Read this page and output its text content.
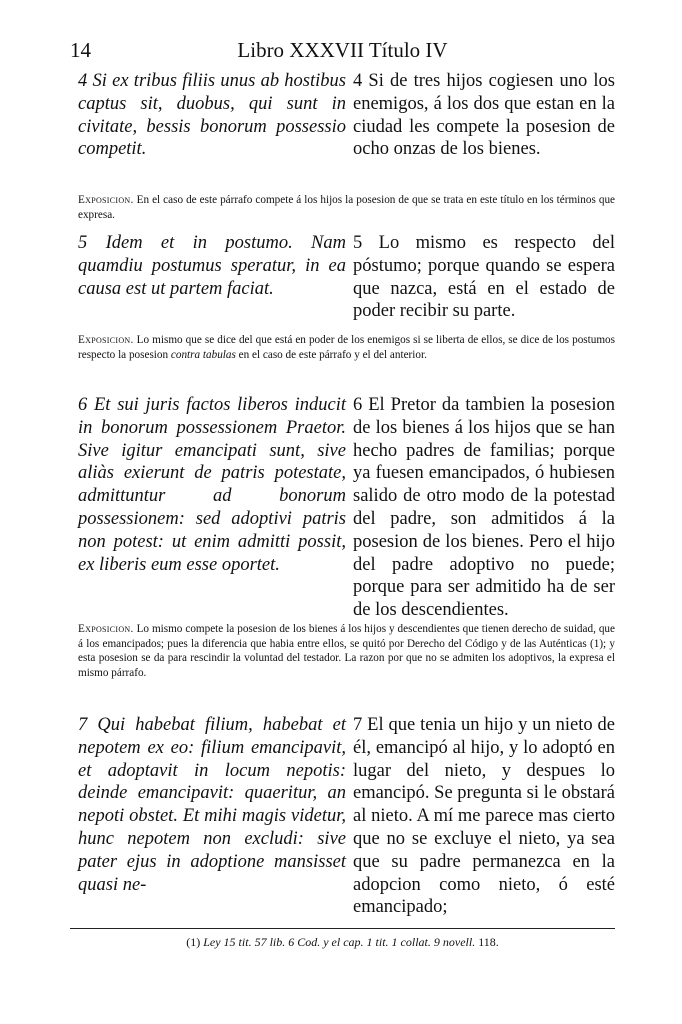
14	Libro XXXVII Título IV
4 Si ex tribus filiis unus ab hostibus captus sit, duobus, qui sunt in civitate, bessis bonorum possessio competit.
4 Si de tres hijos cogiesen uno los enemigos, á los dos que estan en la ciudad les compete la posesion de ocho onzas de los bienes.
Exposicion. En el caso de este párrafo compete á los hijos la posesion de que se trata en este título en los términos que expresa.
5 Idem et in postumo. Nam quamdiu postumus speratur, in ea causa est ut partem faciat.
5 Lo mismo es respecto del póstumo; porque quando se espera que nazca, está en el estado de poder recibir su parte.
Exposicion. Lo mismo que se dice del que está en poder de los enemigos si se liberta de ellos, se dice de los postumos respecto la posesion contra tabulas en el caso de este párrafo y el del anterior.
6 Et sui juris factos liberos inducit in bonorum possessionem Praetor. Sive igitur emancipati sunt, sive aliàs exierunt de patris potestate, admittuntur ad bonorum possessionem: sed adoptivi patris non potest: ut enim admitti possit, ex liberis eum esse oportet.
6 El Pretor da tambien la posesion de los bienes á los hijos que se han hecho padres de familias; porque ya fuesen emancipados, ó hubiesen salido de otro modo de la potestad del padre, son admitidos á la posesion de los bienes. Pero el hijo del padre adoptivo no puede; porque para ser admitido ha de ser de los descendientes.
Exposicion. Lo mismo compete la posesion de los bienes á los hijos y descendientes que tienen derecho de suidad, que á los emancipados; pues la diferencia que habia entre ellos, se quitó por Derecho del Código y de las Auténticas (1); y esta posesion se da para rescindir la voluntad del testador. La razon por que no se admiten los adoptivos, la expresa el mismo párrafo.
7 Qui habebat filium, habebat et nepotem ex eo: filium emancipavit, et adoptavit in locum nepotis: deinde emancipavit: quaeritur, an nepoti obstet. Et mihi magis videtur, hunc nepotem non excludi: sive pater ejus in adoptione mansisset quasi ne-
7 El que tenia un hijo y un nieto de él, emancipó al hijo, y lo adoptó en lugar del nieto, y despues lo emancipó. Se pregunta si le obstará al nieto. A mí me parece mas cierto que no se excluye el nieto, ya sea que su padre permanezca en la adopcion como nieto, ó esté emancipado;
(1) Ley 15 tit. 57 lib. 6 Cod. y el cap. 1 tit. 1 collat. 9 novell. 118.
